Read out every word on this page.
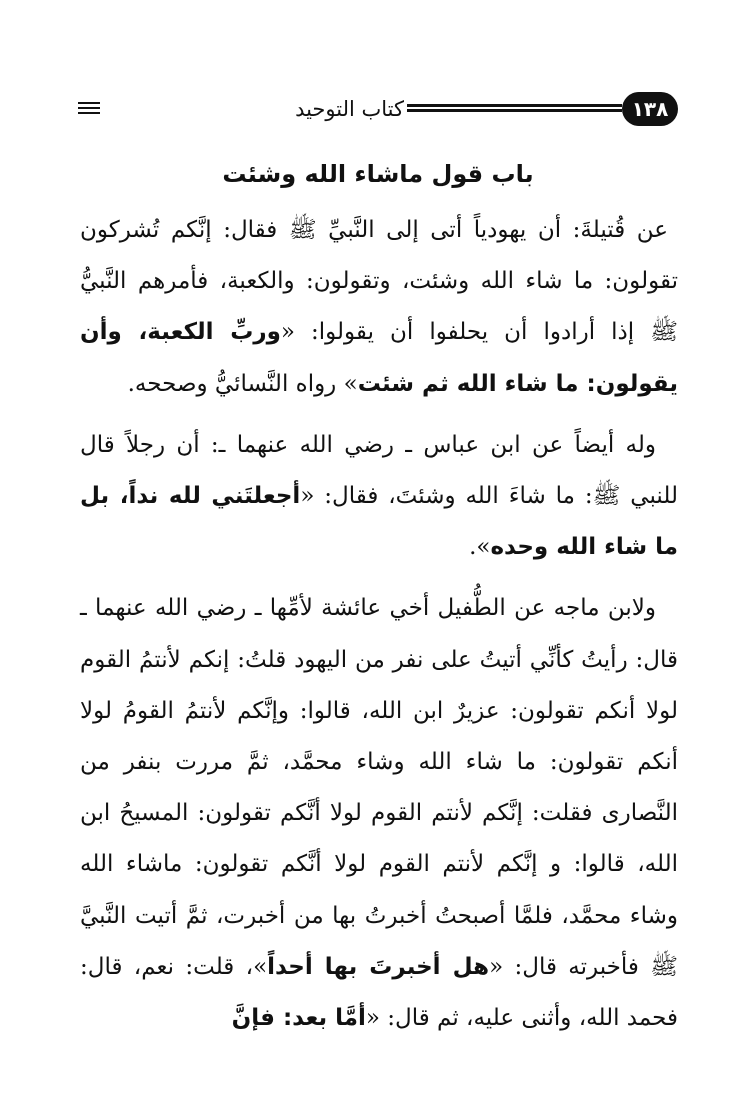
١٣٨
كتاب التوحيد
باب قول ماشاء الله وشئت

عن قُتيلةَ: أن يهودياً أتى إلى النَّبيِّ ﷺ فقال: إنَّكم تُشركون تقولون: ما شاء الله وشئت، وتقولون: والكعبة، فأمرهم النَّبيُّ ﷺ إذا أرادوا أن يحلفوا أن يقولوا: «وربِّ الكعبة، وأن يقولون: ما شاء الله ثم شئت» رواه النَّسائيُّ وصححه.

وله أيضاً عن ابن عباس ـ رضي الله عنهما ـ: أن رجلاً قال للنبي ﷺ: ما شاءَ الله وشئتَ، فقال: «أجعلتَني لله نداً، بل ما شاء الله وحده».

ولابن ماجه عن الطُّفيل أخي عائشة لأمِّها ـ رضي الله عنهما ـ قال: رأيتُ كأنِّي أتيتُ على نفر من اليهود قلتُ: إنكم لأنتمُ القوم لولا أنكم تقولون: عزيرٌ ابن الله، قالوا: وإنَّكم لأنتمُ القومُ لولا أنكم تقولون: ما شاء الله وشاء محمَّد، ثمَّ مررت بنفر من النَّصارى فقلت: إنَّكم لأنتم القوم لولا أنَّكم تقولون: المسيحُ ابن الله، قالوا: و إنَّكم لأنتم القوم لولا أنَّكم تقولون: ماشاء الله وشاء محمَّد، فلمَّا أصبحتُ أخبرتُ بها من أخبرت، ثمَّ أتيت النَّبيَّ ﷺ فأخبرته قال: «هل أخبرتَ بها أحداً»، قلت: نعم، قال: فحمد الله، وأثنى عليه، ثم قال: «أمَّا بعد: فإنَّ
